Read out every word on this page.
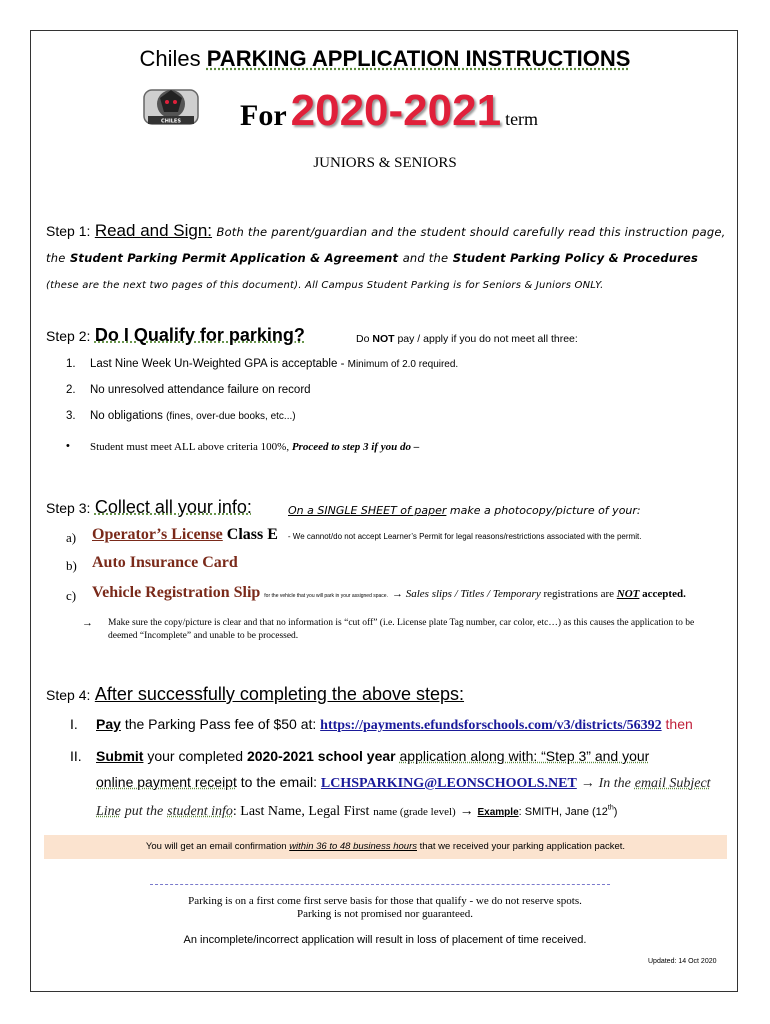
Chiles PARKING APPLICATION INSTRUCTIONS
CHILES For 2020-2021 term
JUNIORS & SENIORS
Step 1: Read and Sign: Both the parent/guardian and the student should carefully read this instruction page, the Student Parking Permit Application & Agreement and the Student Parking Policy & Procedures (these are the next two pages of this document). All Campus Student Parking is for Seniors & Juniors ONLY.
Step 2: Do I Qualify for parking?	Do NOT pay / apply if you do not meet all three:
1. Last Nine Week Un-Weighted GPA is acceptable - Minimum of 2.0 required.
2. No unresolved attendance failure on record
3. No obligations (fines, over-due books, etc...)
• Student must meet ALL above criteria 100%, Proceed to step 3 if you do –
Step 3: Collect all your info:	On a SINGLE SHEET of paper make a photocopy/picture of your:
a) Operator’s License Class E - We cannot/do not accept Learner’s Permit for legal reasons/restrictions associated with the permit.
b) Auto Insurance Card
c) Vehicle Registration Slip for the vehicle that you will park in your assigned space. → Sales slips / Titles / Temporary registrations are NOT accepted.
→ Make sure the copy/picture is clear and that no information is “cut off” (i.e. License plate Tag number, car color, etc…) as this causes the application to be deemed “Incomplete” and unable to be processed.
Step 4: After successfully completing the above steps:
I. Pay the Parking Pass fee of $50 at: https://payments.efundsforschools.com/v3/districts/56392 then
II. Submit your completed 2020-2021 school year application along with: “Step 3” and your
online payment receipt to the email: LCHSPARKING@LEONSCHOOLS.NET → In the email Subject
Line put the student info: Last Name, Legal First name (grade level) → Example: SMITH, Jane (12th)
You will get an email confirmation within 36 to 48 business hours that we received your parking application packet.
Parking is on a first come first serve basis for those that qualify - we do not reserve spots.
Parking is not promised nor guaranteed.
An incomplete/incorrect application will result in loss of placement of time received.
Updated: 14 Oct 2020
